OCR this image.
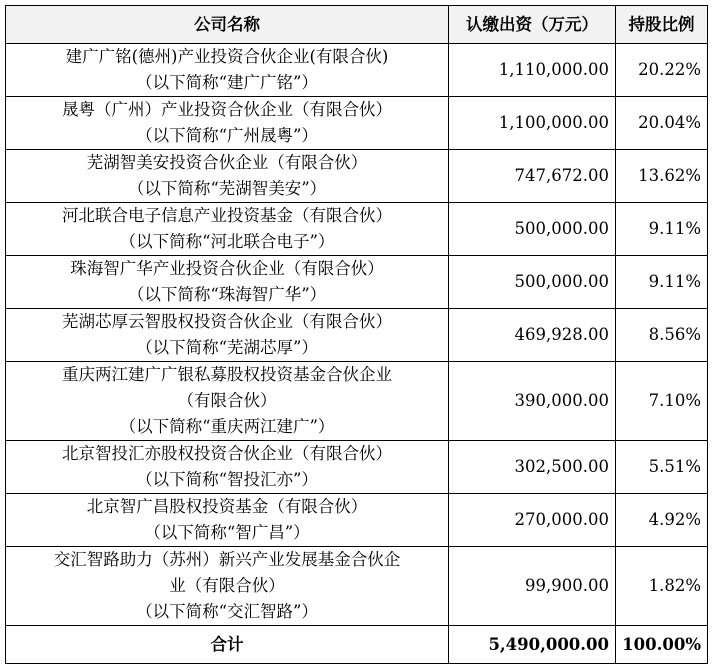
公司名称	认缴出资（万元）	持股比例

建广广铭(德州)产业投资合伙企业(有限合伙)
（以下简称“建广广铭”）	1,110,000.00	20.22%

晟粤（广州）产业投资合伙企业（有限合伙）
（以下简称“广州晟粤”）	1,100,000.00	20.04%

芜湖智美安投资合伙企业（有限合伙）
（以下简称“芜湖智美安”）	747,672.00	13.62%

河北联合电子信息产业投资基金（有限合伙）
（以下简称“河北联合电子”）	500,000.00	9.11%

珠海智广华产业投资合伙企业（有限合伙）
（以下简称“珠海智广华”）	500,000.00	9.11%

芜湖芯厚云智股权投资合伙企业（有限合伙）
（以下简称“芜湖芯厚”）	469,928.00	8.56%

重庆两江建广广银私募股权投资基金合伙企业
（有限合伙）
（以下简称“重庆两江建广”）	390,000.00	7.10%

北京智投汇亦股权投资合伙企业（有限合伙）
（以下简称“智投汇亦”）	302,500.00	5.51%

北京智广昌股权投资基金（有限合伙）
（以下简称“智广昌”）	270,000.00	4.92%

交汇智路助力（苏州）新兴产业发展基金合伙企
业（有限合伙）
（以下简称“交汇智路”）	99,900.00	1.82%
合计	5,490,000.00	100.00%
